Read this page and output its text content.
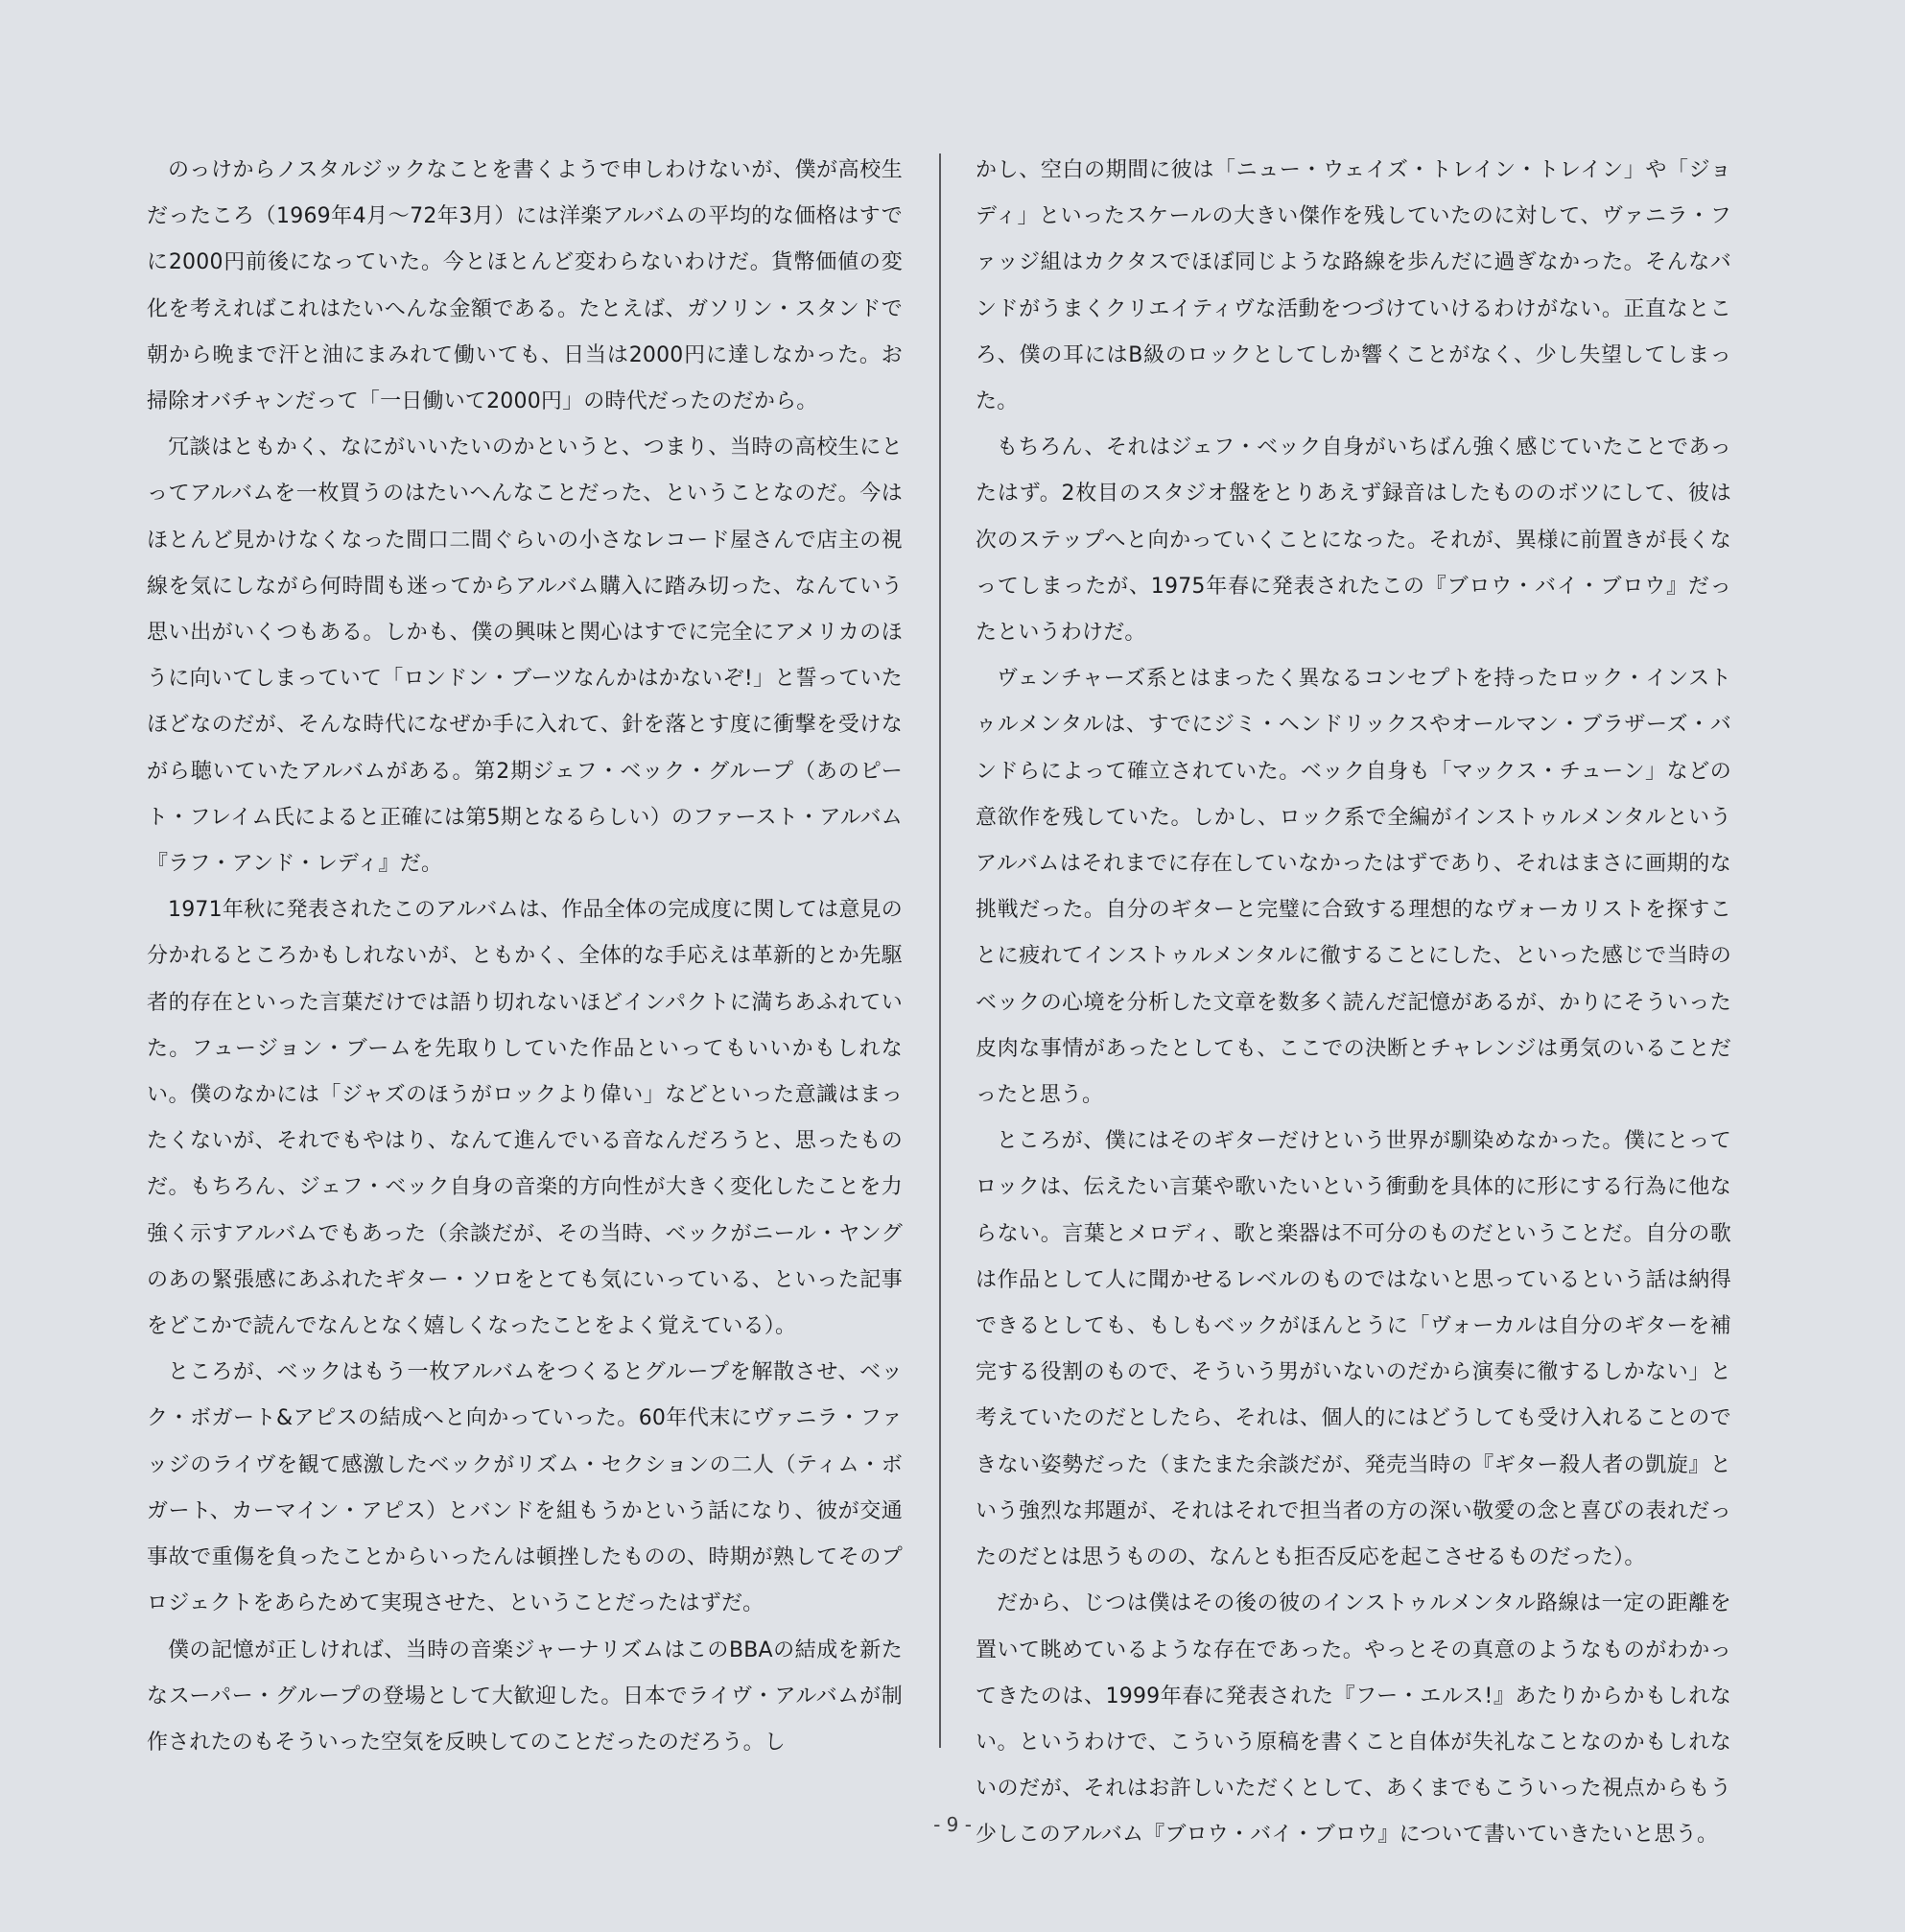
のっけからノスタルジックなことを書くようで申しわけないが、僕が高校生だったころ（1969年4月〜72年3月）には洋楽アルバムの平均的な価格はすでに2000円前後になっていた。今とほとんど変わらないわけだ。貨幣価値の変化を考えればこれはたいへんな金額である。たとえば、ガソリン・スタンドで朝から晩まで汗と油にまみれて働いても、日当は2000円に達しなかった。お掃除オバチャンだって「一日働いて2000円」の時代だったのだから。

冗談はともかく、なにがいいたいのかというと、つまり、当時の高校生にとってアルバムを一枚買うのはたいへんなことだった、ということなのだ。今はほとんど見かけなくなった間口二間ぐらいの小さなレコード屋さんで店主の視線を気にしながら何時間も迷ってからアルバム購入に踏み切った、なんていう思い出がいくつもある。しかも、僕の興味と関心はすでに完全にアメリカのほうに向いてしまっていて「ロンドン・ブーツなんかはかないぞ!」と誓っていたほどなのだが、そんな時代になぜか手に入れて、針を落とす度に衝撃を受けながら聴いていたアルバムがある。第2期ジェフ・ベック・グループ（あのピート・フレイム氏によると正確には第5期となるらしい）のファースト・アルバム『ラフ・アンド・レディ』だ。

1971年秋に発表されたこのアルバムは、作品全体の完成度に関しては意見の分かれるところかもしれないが、ともかく、全体的な手応えは革新的とか先駆者的存在といった言葉だけでは語り切れないほどインパクトに満ちあふれていた。フュージョン・ブームを先取りしていた作品といってもいいかもしれない。僕のなかには「ジャズのほうがロックより偉い」などといった意識はまったくないが、それでもやはり、なんて進んでいる音なんだろうと、思ったものだ。もちろん、ジェフ・ベック自身の音楽的方向性が大きく変化したことを力強く示すアルバムでもあった（余談だが、その当時、ベックがニール・ヤングのあの緊張感にあふれたギター・ソロをとても気にいっている、といった記事をどこかで読んでなんとなく嬉しくなったことをよく覚えている）。

ところが、ベックはもう一枚アルバムをつくるとグループを解散させ、ベック・ボガート&アピスの結成へと向かっていった。60年代末にヴァニラ・ファッジのライヴを観て感激したベックがリズム・セクションの二人（ティム・ボガート、カーマイン・アピス）とバンドを組もうかという話になり、彼が交通事故で重傷を負ったことからいったんは頓挫したものの、時期が熟してそのプロジェクトをあらためて実現させた、ということだったはずだ。

僕の記憶が正しければ、当時の音楽ジャーナリズムはこのBBAの結成を新たなスーパー・グループの登場として大歓迎した。日本でライヴ・アルバムが制作されたのもそういった空気を反映してのことだったのだろう。し

かし、空白の期間に彼は「ニュー・ウェイズ・トレイン・トレイン」や「ジョディ」といったスケールの大きい傑作を残していたのに対して、ヴァニラ・ファッジ組はカクタスでほぼ同じような路線を歩んだに過ぎなかった。そんなバンドがうまくクリエイティヴな活動をつづけていけるわけがない。正直なところ、僕の耳にはB級のロックとしてしか響くことがなく、少し失望してしまった。

もちろん、それはジェフ・ベック自身がいちばん強く感じていたことであったはず。2枚目のスタジオ盤をとりあえず録音はしたもののボツにして、彼は次のステップへと向かっていくことになった。それが、異様に前置きが長くなってしまったが、1975年春に発表されたこの『ブロウ・バイ・ブロウ』だったというわけだ。

ヴェンチャーズ系とはまったく異なるコンセプトを持ったロック・インストゥルメンタルは、すでにジミ・ヘンドリックスやオールマン・ブラザーズ・バンドらによって確立されていた。ベック自身も「マックス・チューン」などの意欲作を残していた。しかし、ロック系で全編がインストゥルメンタルというアルバムはそれまでに存在していなかったはずであり、それはまさに画期的な挑戦だった。自分のギターと完璧に合致する理想的なヴォーカリストを探すことに疲れてインストゥルメンタルに徹することにした、といった感じで当時のベックの心境を分析した文章を数多く読んだ記憶があるが、かりにそういった皮肉な事情があったとしても、ここでの決断とチャレンジは勇気のいることだったと思う。

ところが、僕にはそのギターだけという世界が馴染めなかった。僕にとってロックは、伝えたい言葉や歌いたいという衝動を具体的に形にする行為に他ならない。言葉とメロディ、歌と楽器は不可分のものだということだ。自分の歌は作品として人に聞かせるレベルのものではないと思っているという話は納得できるとしても、もしもベックがほんとうに「ヴォーカルは自分のギターを補完する役割のもので、そういう男がいないのだから演奏に徹するしかない」と考えていたのだとしたら、それは、個人的にはどうしても受け入れることのできない姿勢だった（またまた余談だが、発売当時の『ギター殺人者の凱旋』という強烈な邦題が、それはそれで担当者の方の深い敬愛の念と喜びの表れだったのだとは思うものの、なんとも拒否反応を起こさせるものだった）。

だから、じつは僕はその後の彼のインストゥルメンタル路線は一定の距離を置いて眺めているような存在であった。やっとその真意のようなものがわかってきたのは、1999年春に発表された『フー・エルス!』あたりからかもしれない。というわけで、こういう原稿を書くこと自体が失礼なことなのかもしれないのだが、それはお許しいただくとして、あくまでもこういった視点からもう少しこのアルバム『ブロウ・バイ・ブロウ』について書いていきたいと思う。

- 9 -
